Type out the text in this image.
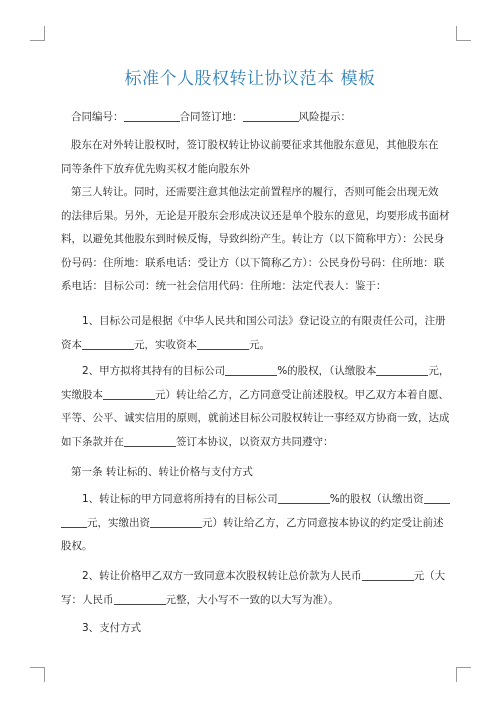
标准个人股权转让协议范本 模板

合同编号：	合同签订地：	风险提示：

股东在对外转让股权时，签订股权转让协议前要征求其他股东意见，其他股东在
同等条件下放弃优先购买权才能向股东外

第三人转让。同时，还需要注意其他法定前置程序的履行，否则可能会出现无效
的法律后果。另外，无论是开股东会形成决议还是单个股东的意见，均要形成书面材
料，以避免其他股东到时候反悔，导致纠纷产生。转让方（以下简称甲方）：公民身
份号码：住所地：联系电话：受让方（以下简称乙方）：公民身份号码：住所地：联
系电话：目标公司：统一社会信用代码：住所地：法定代表人：鉴于：

1、目标公司是根据《中华人民共和国公司法》登记设立的有限责任公司，注册
资本	元，实收资本	元。

2、甲方拟将其持有的目标公司	%的股权，（认缴股本	元，
实缴股本	元）转让给乙方，乙方同意受让前述股权。甲乙双方本着自愿、
平等、公平、诚实信用的原则，就前述目标公司股权转让一事经双方协商一致，达成
如下条款并在	签订本协议，以资双方共同遵守：

第一条 转让标的、转让价格与支付方式

1、转让标的甲方同意将所持有的目标公司	%的股权（认缴出资
元，实缴出资	元）转让给乙方，乙方同意按本协议的约定受让前述
股权。

2、转让价格甲乙双方一致同意本次股权转让总价款为人民币	元（大
写：人民币	元整，大小写不一致的以大写为准）。

3、支付方式
